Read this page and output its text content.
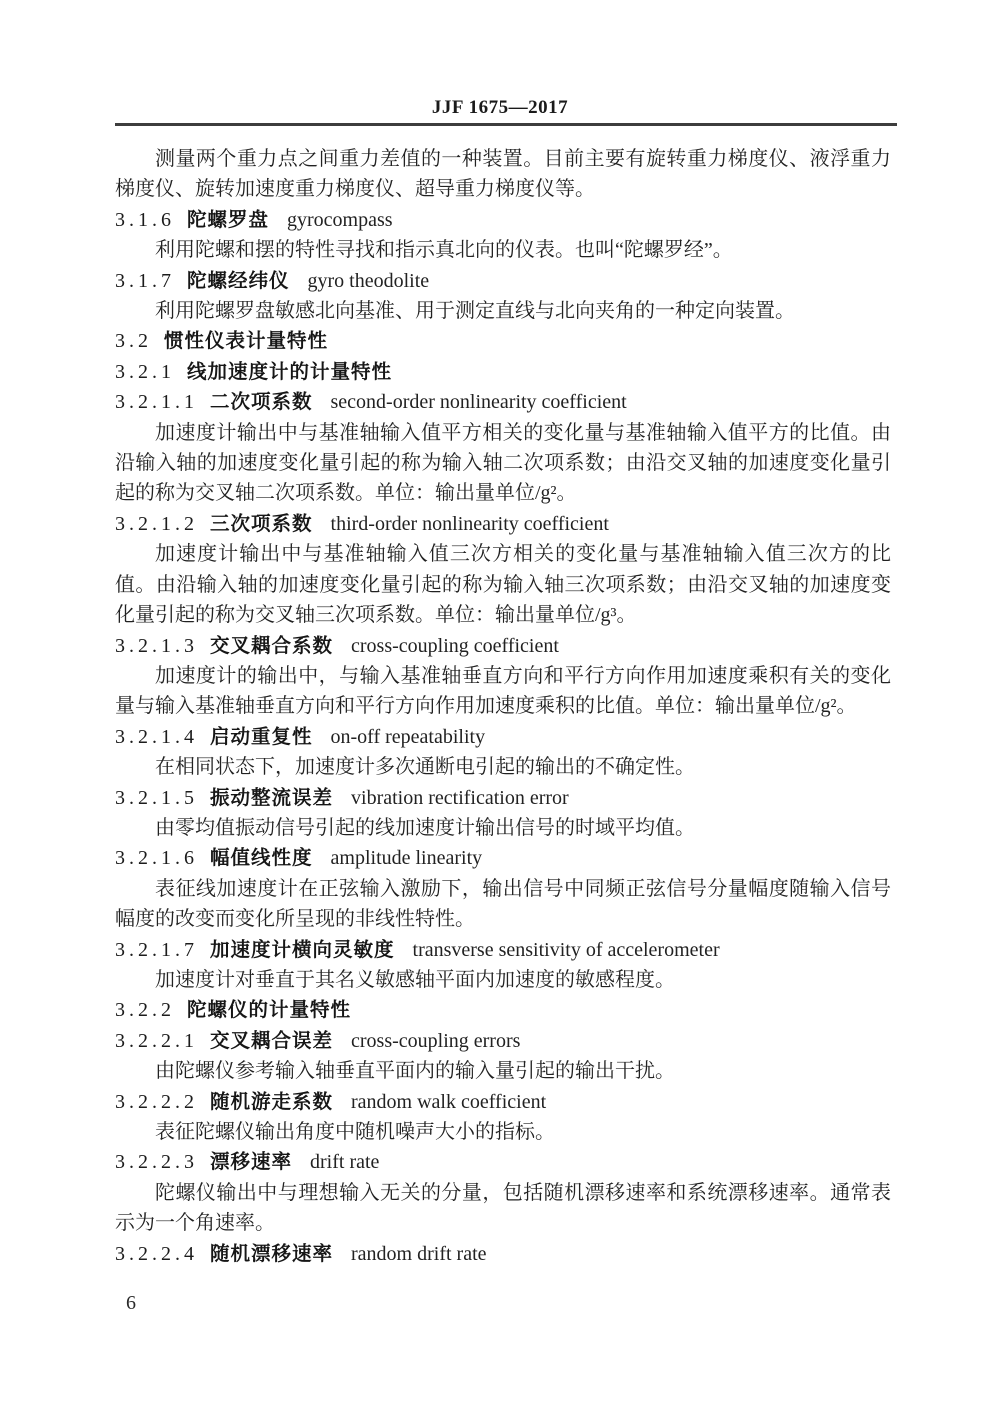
JJF 1675—2017

测量两个重力点之间重力差值的一种装置。目前主要有旋转重力梯度仪、液浮重力梯度仪、旋转加速度重力梯度仪、超导重力梯度仪等。

3.1.6 陀螺罗盘 gyrocompass

利用陀螺和摆的特性寻找和指示真北向的仪表。也叫“陀螺罗经”。

3.1.7 陀螺经纬仪 gyro theodolite

利用陀螺罗盘敏感北向基准、用于测定直线与北向夹角的一种定向装置。

3.2 惯性仪表计量特性
3.2.1 线加速度计的计量特性
3.2.1.1 二次项系数 second-order nonlinearity coefficient

加速度计输出中与基准轴输入值平方相关的变化量与基准轴输入值平方的比值。由沿输入轴的加速度变化量引起的称为输入轴二次项系数；由沿交叉轴的加速度变化量引起的称为交叉轴二次项系数。单位：输出量单位/g²。

3.2.1.2 三次项系数 third-order nonlinearity coefficient

加速度计输出中与基准轴输入值三次方相关的变化量与基准轴输入值三次方的比值。由沿输入轴的加速度变化量引起的称为输入轴三次项系数；由沿交叉轴的加速度变化量引起的称为交叉轴三次项系数。单位：输出量单位/g³。

3.2.1.3 交叉耦合系数 cross-coupling coefficient

加速度计的输出中，与输入基准轴垂直方向和平行方向作用加速度乘积有关的变化量与输入基准轴垂直方向和平行方向作用加速度乘积的比值。单位：输出量单位/g²。

3.2.1.4 启动重复性 on-off repeatability

在相同状态下，加速度计多次通断电引起的输出的不确定性。

3.2.1.5 振动整流误差 vibration rectification error

由零均值振动信号引起的线加速度计输出信号的时域平均值。

3.2.1.6 幅值线性度 amplitude linearity

表征线加速度计在正弦输入激励下，输出信号中同频正弦信号分量幅度随输入信号幅度的改变而变化所呈现的非线性特性。

3.2.1.7 加速度计横向灵敏度 transverse sensitivity of accelerometer

加速度计对垂直于其名义敏感轴平面内加速度的敏感程度。

3.2.2 陀螺仪的计量特性
3.2.2.1 交叉耦合误差 cross-coupling errors

由陀螺仪参考输入轴垂直平面内的输入量引起的输出干扰。

3.2.2.2 随机游走系数 random walk coefficient

表征陀螺仪输出角度中随机噪声大小的指标。

3.2.2.3 漂移速率 drift rate

陀螺仪输出中与理想输入无关的分量，包括随机漂移速率和系统漂移速率。通常表示为一个角速率。

3.2.2.4 随机漂移速率 random drift rate
6
